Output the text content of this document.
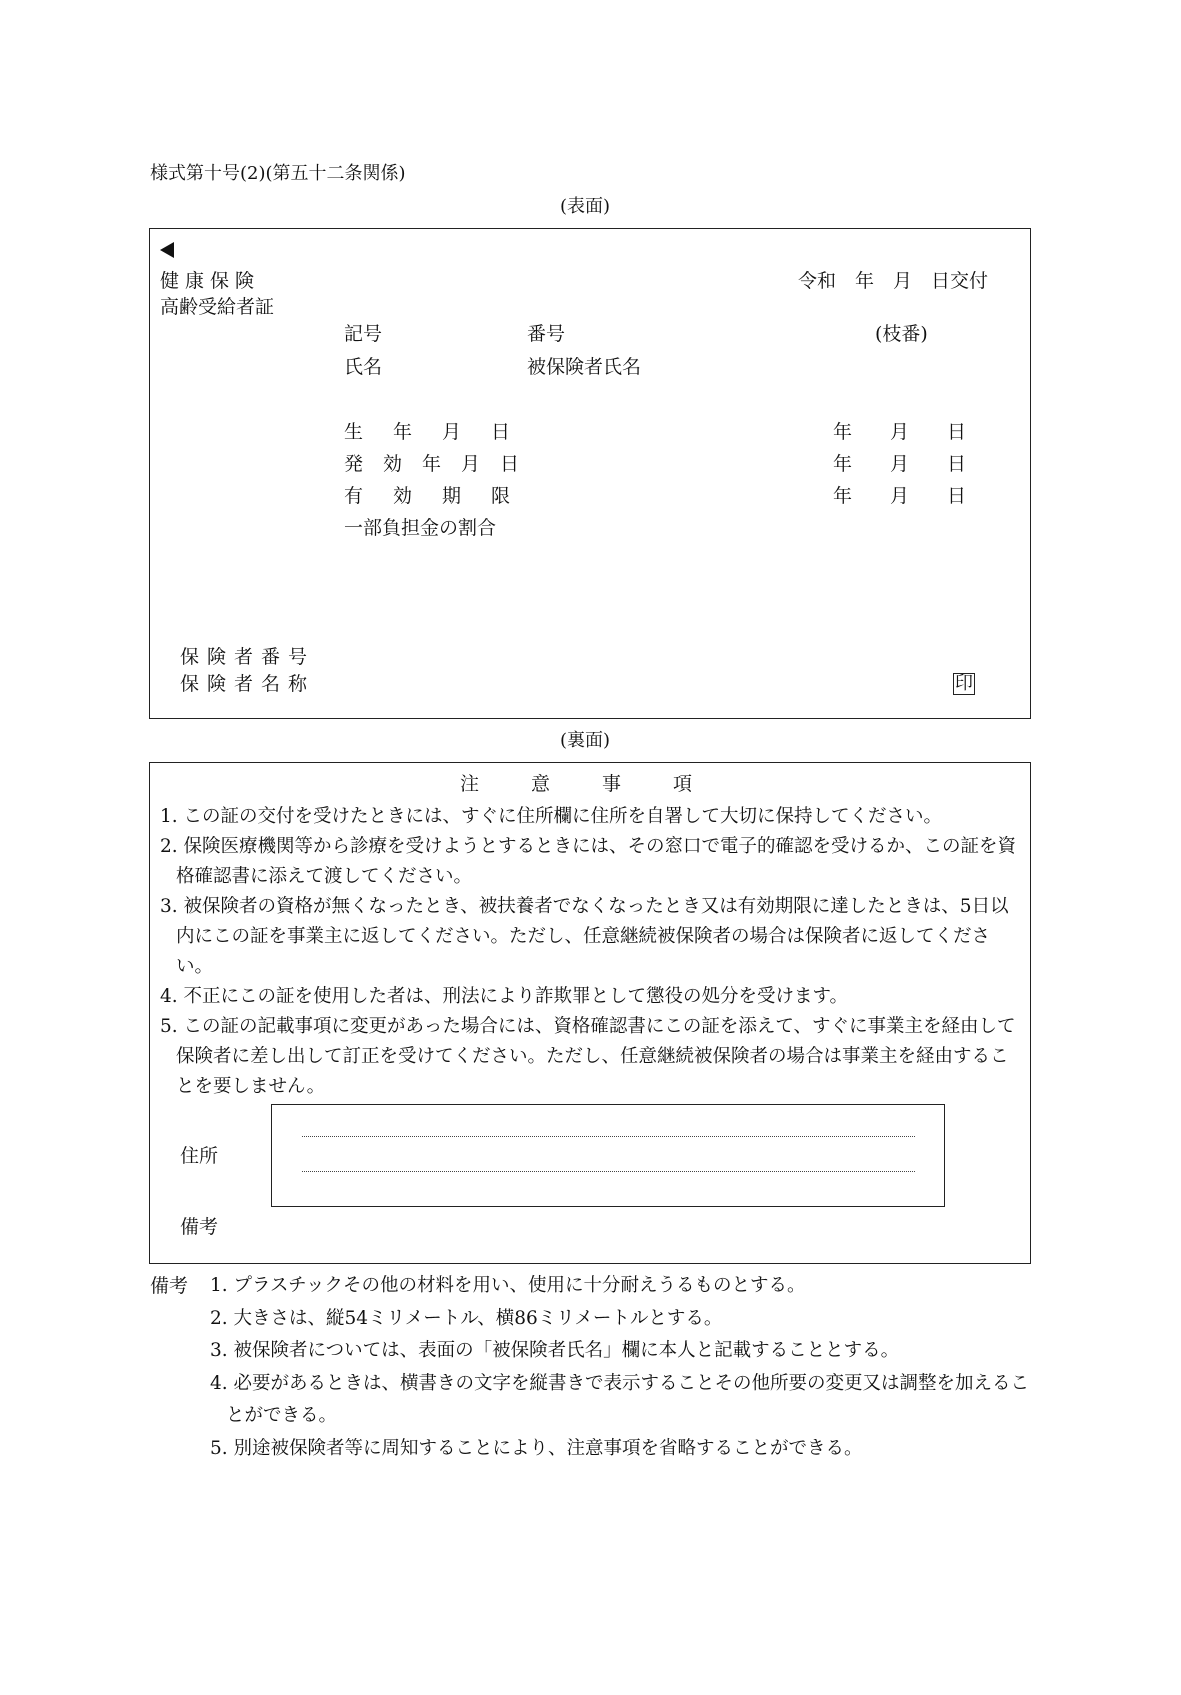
様式第十号(2)(第五十二条関係)
(表面)
健康保険
高齢受給者証
令和　年　月　日交付
記号	番号	(枝番)
氏名	被保険者氏名
生年月日	年　　月　　日
発効年月日	年　　月　　日
有効期限	年　　月　　日
一部負担金の割合
保険者番号
保険者名称	印
(裏面)
注意事項
1. この証の交付を受けたときには、すぐに住所欄に住所を自署して大切に保持してください。
2. 保険医療機関等から診療を受けようとするときには、その窓口で電子的確認を受けるか、この証を資格確認書に添えて渡してください。
3. 被保険者の資格が無くなったとき、被扶養者でなくなったとき又は有効期限に達したときは、5日以内にこの証を事業主に返してください。ただし、任意継続被保険者の場合は保険者に返してください。
4. 不正にこの証を使用した者は、刑法により詐欺罪として懲役の処分を受けます。
5. この証の記載事項に変更があった場合には、資格確認書にこの証を添えて、すぐに事業主を経由して保険者に差し出して訂正を受けてください。ただし、任意継続被保険者の場合は事業主を経由することを要しません。
住所
備考
備考 1. プラスチックその他の材料を用い、使用に十分耐えうるものとする。
2. 大きさは、縦54ミリメートル、横86ミリメートルとする。
3. 被保険者については、表面の「被保険者氏名」欄に本人と記載することとする。
4. 必要があるときは、横書きの文字を縦書きで表示することその他所要の変更又は調整を加えることができる。
5. 別途被保険者等に周知することにより、注意事項を省略することができる。
